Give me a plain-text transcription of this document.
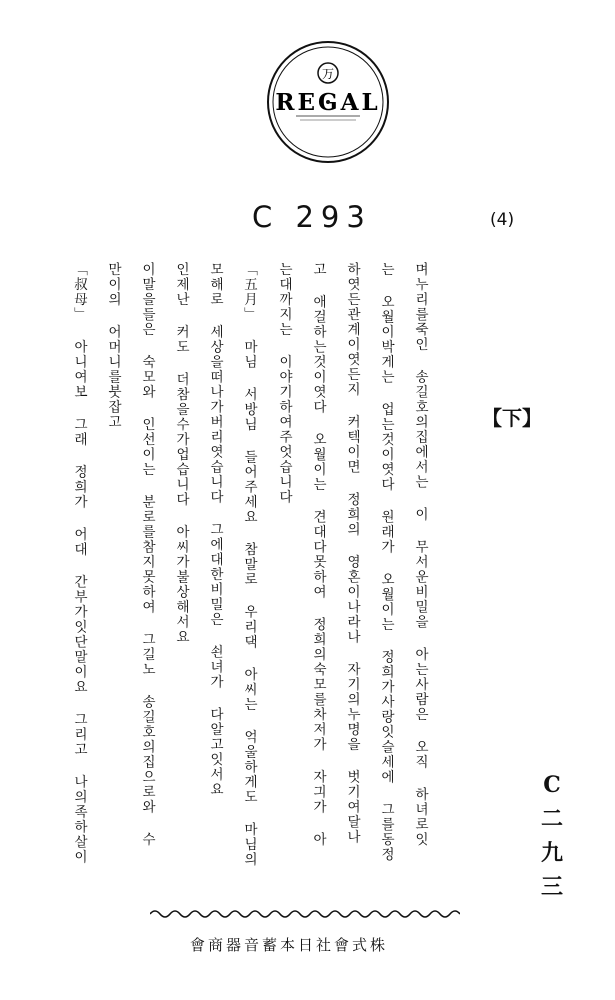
万
REGAL
C 293	(4)
【下】
며누리를죽인 송길호의집에서는 이 무서운비밀을 아는사람은 오직 하녀로잇
는 오월이박게는 업는것이엿다 원래가 오월이는 정희가사랑잇슬세에 그를동정
하엿든관계이엿든지 커텍이면 정희의 영혼이나라나 자기의누명을 벗기여달나
고 애걸하는것이엿다 오월이는 견대다못하여 정희의숙모를차저가 자긔가 아
는대까지는 이야기하여주엇습니다
「五月」 마님 서방님 들어주세요 참말로 우리댁 아씨는 억울하게도 마님의
모해로 세상을떠나가버리엿습니다 그에대한비밀은 쇤녀가 다알고잇서요
인제난 커도 더참을수가업습니다 아씨가불상해서요
이말을들은 숙모와 인선이는 분로를참지못하여 그길노 송길호의집으로와 수
만이의 어머니를붓잡고
「叔母」 아니여보 그래 정희가 어대 간부가잇단말이요 그리고 나의족하살이	C
二
九
三
會商器音蓄本日社會式株
